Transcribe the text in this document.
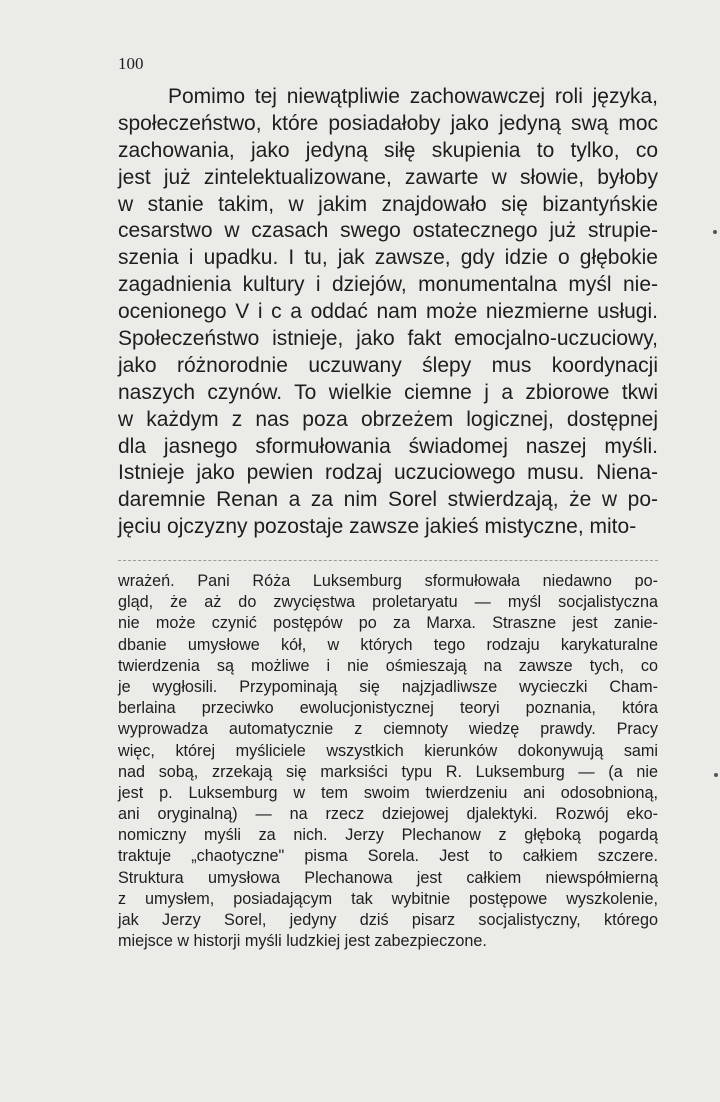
100
Pomimo tej niewątpliwie zachowawczej roli języka,
społeczeństwo, które posiadałoby jako jedyną swą moc
zachowania, jako jedyną siłę skupienia to tylko, co
jest już zintelektualizowane, zawarte w słowie, byłoby
w stanie takim, w jakim znajdowało się bizantyńskie
cesarstwo w czasach swego ostatecznego już strupie-
szenia i upadku. I tu, jak zawsze, gdy idzie o głębokie
zagadnienia kultury i dziejów, monumentalna myśl nie-
ocenionego V i c a oddać nam może niezmierne usługi.
Społeczeństwo istnieje, jako fakt emocjalno-uczuciowy,
jako różnorodnie uczuwany ślepy mus koordynacji
naszych czynów. To wielkie ciemne j a zbiorowe tkwi
w każdym z nas poza obrzeżem logicznej, dostępnej
dla jasnego sformułowania świadomej naszej myśli.
Istnieje jako pewien rodzaj uczuciowego musu. Niena-
daremnie Renan a za nim Sorel stwierdzają, że w po-
jęciu ojczyzny pozostaje zawsze jakieś mistyczne, mito-
wrażeń. Pani Róża Luksemburg sformułowała niedawno po-
gląd, że aż do zwycięstwa proletaryatu — myśl socjalistyczna
nie może czynić postępów po za Marxa. Straszne jest zanie-
dbanie umysłowe kół, w których tego rodzaju karykaturalne
twierdzenia są możliwe i nie ośmieszają na zawsze tych, co
je wygłosili. Przypominają się najzjadliwsze wycieczki Cham-
berlaina przeciwko ewolucjonistycznej teoryi poznania, która
wyprowadza automatycznie z ciemnoty wiedzę prawdy. Pracy
więc, której myśliciele wszystkich kierunków dokonywują sami
nad sobą, zrzekają się marksiści typu R. Luksemburg — (a nie
jest p. Luksemburg w tem swoim twierdzeniu ani odosobnioną,
ani oryginalną) — na rzecz dziejowej djalektyki. Rozwój eko-
nomiczny myśli za nich. Jerzy Plechanow z głęboką pogardą
traktuje „chaotyczne" pisma Sorela. Jest to całkiem szczere.
Struktura umysłowa Plechanowa jest całkiem niewspółmierną
z umysłem, posiadającym tak wybitnie postępowe wyszkolenie,
jak Jerzy Sorel, jedyny dziś pisarz socjalistyczny, którego
miejsce w historji myśli ludzkiej jest zabezpieczone.
